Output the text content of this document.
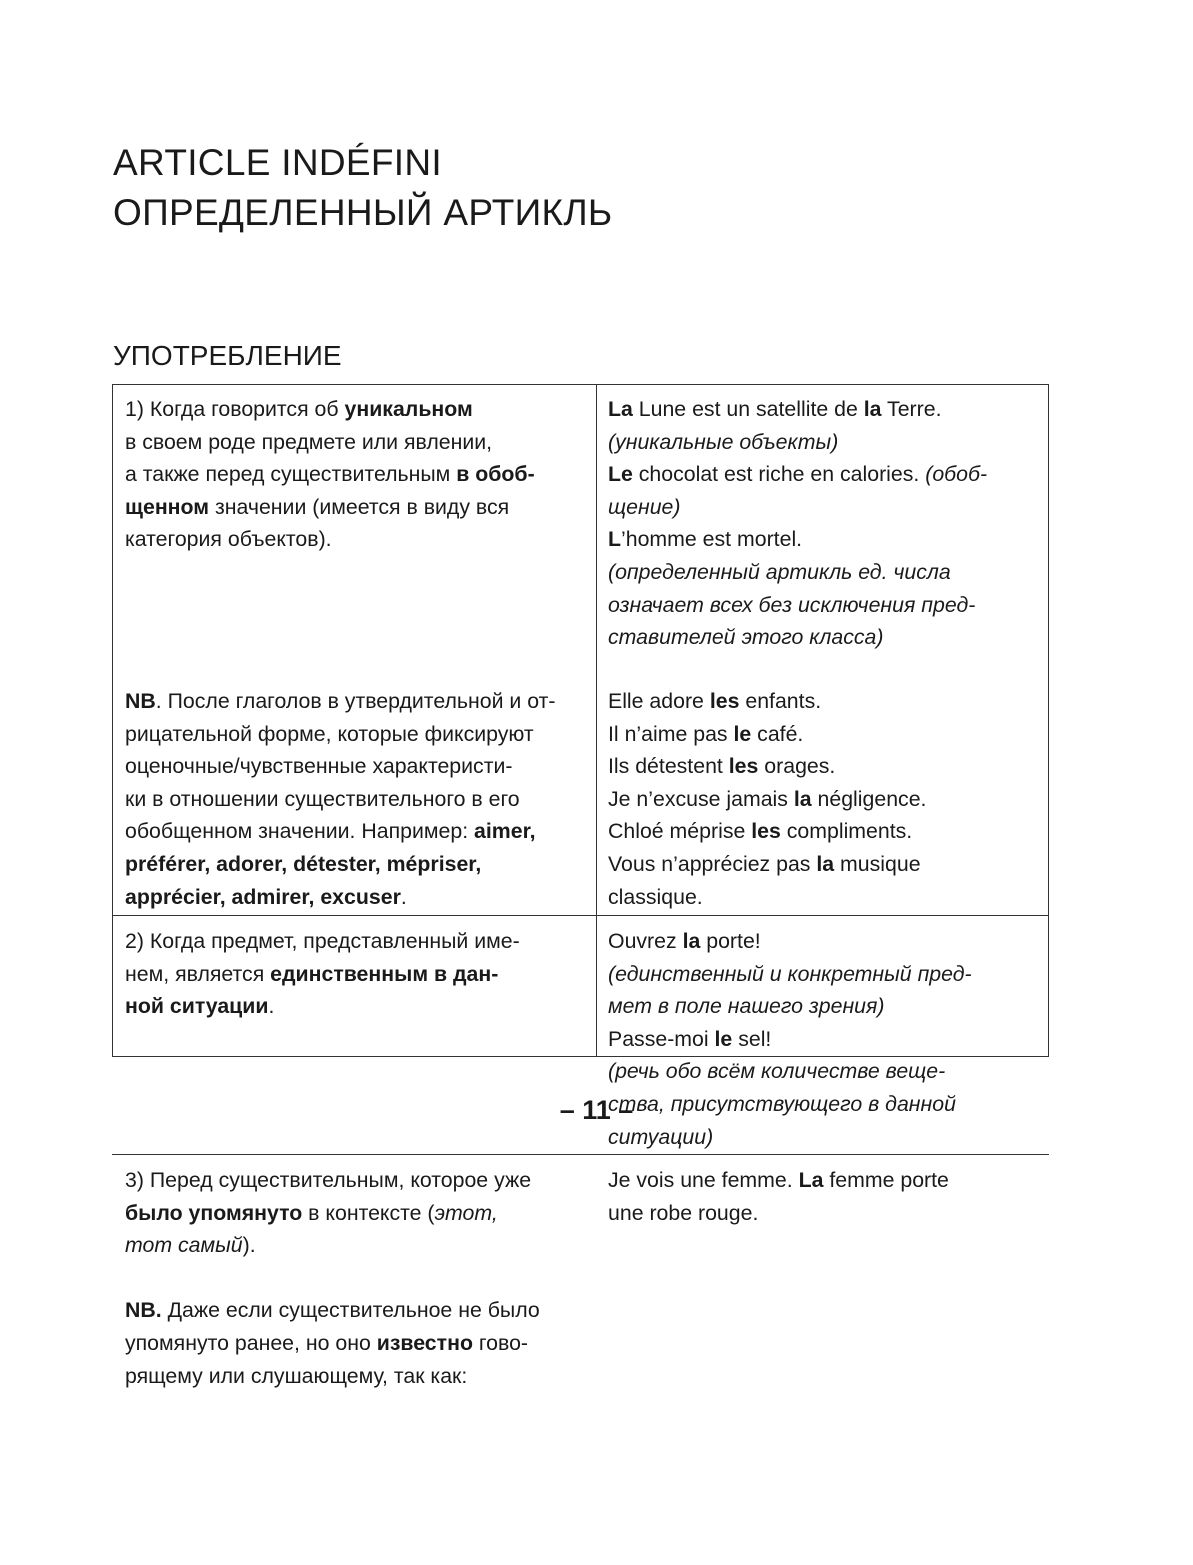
ARTICLE INDÉFINI
ОПРЕДЕЛЕННЫЙ АРТИКЛЬ
УПОТРЕБЛЕНИЕ
1) Когда говорится об уникальном
в своем роде предмете или явлении,
а также перед существительным в обоб-
щенном значении (имеется в виду вся
категория объектов).
La Lune est un satellite de la Terre.
(уникальные объекты)
Le chocolat est riche en calories. (обоб-
щение)
L’homme est mortel.
(определенный артикль ед. числа
означает всех без исключения пред-
ставителей этого класса)
NB. После глаголов в утвердительной и от-
рицательной форме, которые фиксируют
оценочные/чувственные характеристи-
ки в отношении существительного в его
обобщенном значении. Например: aimer,
préférer, adorer, détester, mépriser,
apprécier, admirer, excuser.
Elle adore les enfants.
Il n’aime pas le café.
Ils détestent les orages.
Je n’excuse jamais la négligence.
Chloé méprise les compliments.
Vous n’appréciez pas la musique
classique.
2) Когда предмет, представленный име-
нем, является единственным в дан-
ной ситуации.
Ouvrez la porte!
(единственный и конкретный пред-
мет в поле нашего зрения)
Passe-moi le sel!
(речь обо всём количестве веще-
ства, присутствующего в данной
ситуации)
3) Перед существительным, которое уже
было упомянуто в контексте (этот,
тот самый).
NB. Даже если существительное не было
упомянуто ранее, но оно известно гово-
рящему или слушающему, так как:
Je vois une femme. La femme porte
une robe rouge.
– 11 –
